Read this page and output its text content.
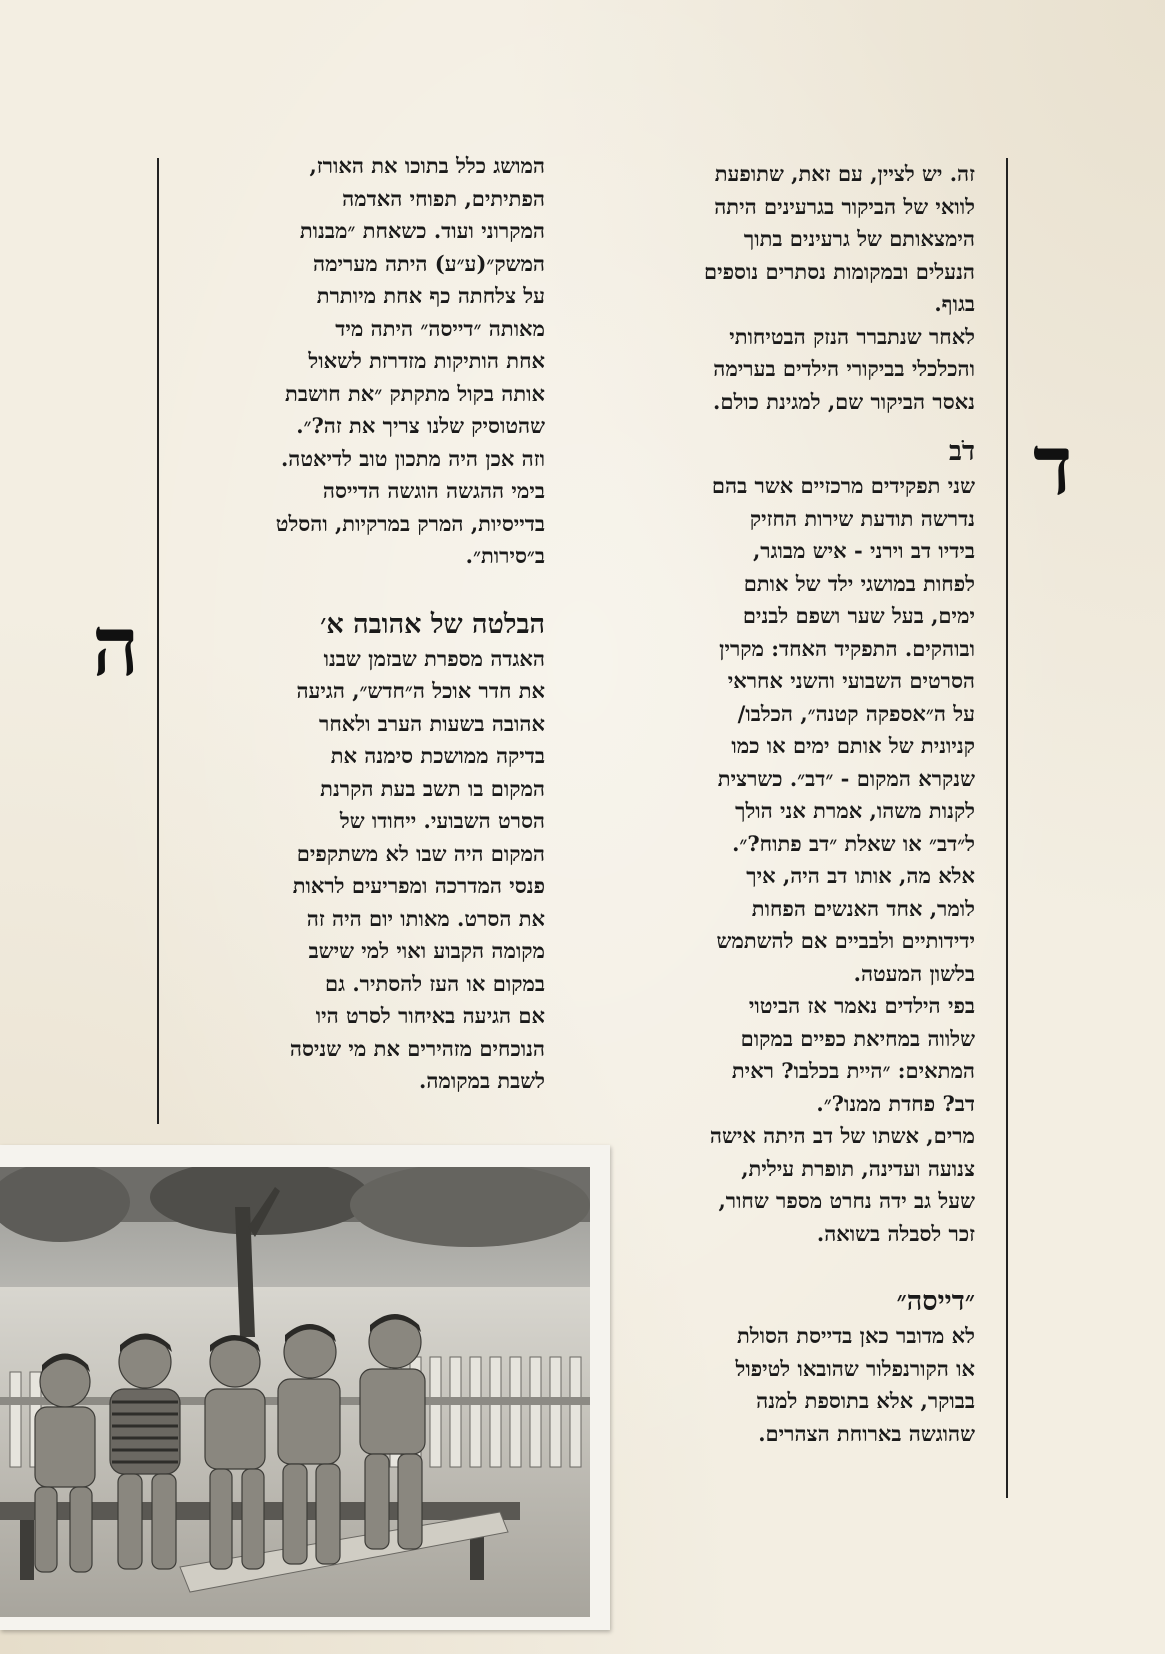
ד

זה. יש לציין, עם זאת, שתופעת

לוואי של הביקור בגרעינים היתה

הימצאותם של גרעינים בתוך

הנעלים ובמקומות נסתרים נוספים

בגוף.

לאחר שנתברר הנזק הבטיחותי

והכלכלי בביקורי הילדים בערימה

נאסר הביקור שם, למגינת כולם.

דֹב

שני תפקידים מרכזיים אשר בהם

נדרשה תודעת שירות החזיק

בידיו דב וירני - איש מבוגר,

לפחות במושגי ילד של אותם

ימים, בעל שער ושפם לבנים

ובוהקים. התפקיד האחד: מקרין

הסרטים השבועי והשני אחראי

על ה״אספקה קטנה״, הכלבו/

קניונית של אותם ימים או כמו

שנקרא המקום - ״דב״. כשרצית

לקנות משהו, אמרת אני הולך

ל״דב״ או שאלת ״דב פתוח?״.

אלא מה, אותו דב היה, איך

לומר, אחד האנשים הפחות

ידידותיים ולבביים אם להשתמש

בלשון המעטה.

בפי הילדים נאמר אז הביטוי

שלווה במחיאת כפיים במקום

המתאים: ״היית בכלבו? ראית

דב? פחדת ממנו?״.

מרים, אשתו של דב היתה אישה

צנועה ועדינה, תופרת עילית,

שעל גב ידה נחרט מספר שחור,

זכר לסבלה בשואה.

״דייסה״

לא מדובר כאן בדייסת הסולת

או הקורנפלור שהובאו לטיפול

בבוקר, אלא בתוספת למנה

שהוגשה בארוחת הצהרים.

ה

המושג כלל בתוכו את האורז,

הפתיתים, תפוחי האדמה

המקרוני ועוד. כשאחת ״מבנות

המשק״(ע״ע) היתה מערימה

על צלחתה כף אחת מיותרת

מאותה ״דייסה״ היתה מיד

אחת הותיקות מזדרזת לשאול

אותה בקול מתקתק ״את חושבת

שהטוסיק שלנו צריך את זה?״.

וזה אכן היה מתכון טוב לדיאטה.

בימי ההגשה הוגשה הדייסה

בדייסיות, המרק במרקיות, והסלט

ב״סירות״.

הבלטה של אהובה א׳

האגדה מספרת שבזמן שבנו

את חדר אוכל ה״חדש״, הגיעה

אהובה בשעות הערב ולאחר

בדיקה ממושכת סימנה את

המקום בו תשב בעת הקרנת

הסרט השבועי. ייחודו של

המקום היה שבו לא משתקפים

פנסי המדרכה ומפריעים לראות

את הסרט. מאותו יום היה זה

מקומה הקבוע ואוי למי שישב

במקום או העז להסתיר. גם

אם הגיעה באיחור לסרט היו

הנוכחים מזהירים את מי שניסה

לשבת במקומה.
